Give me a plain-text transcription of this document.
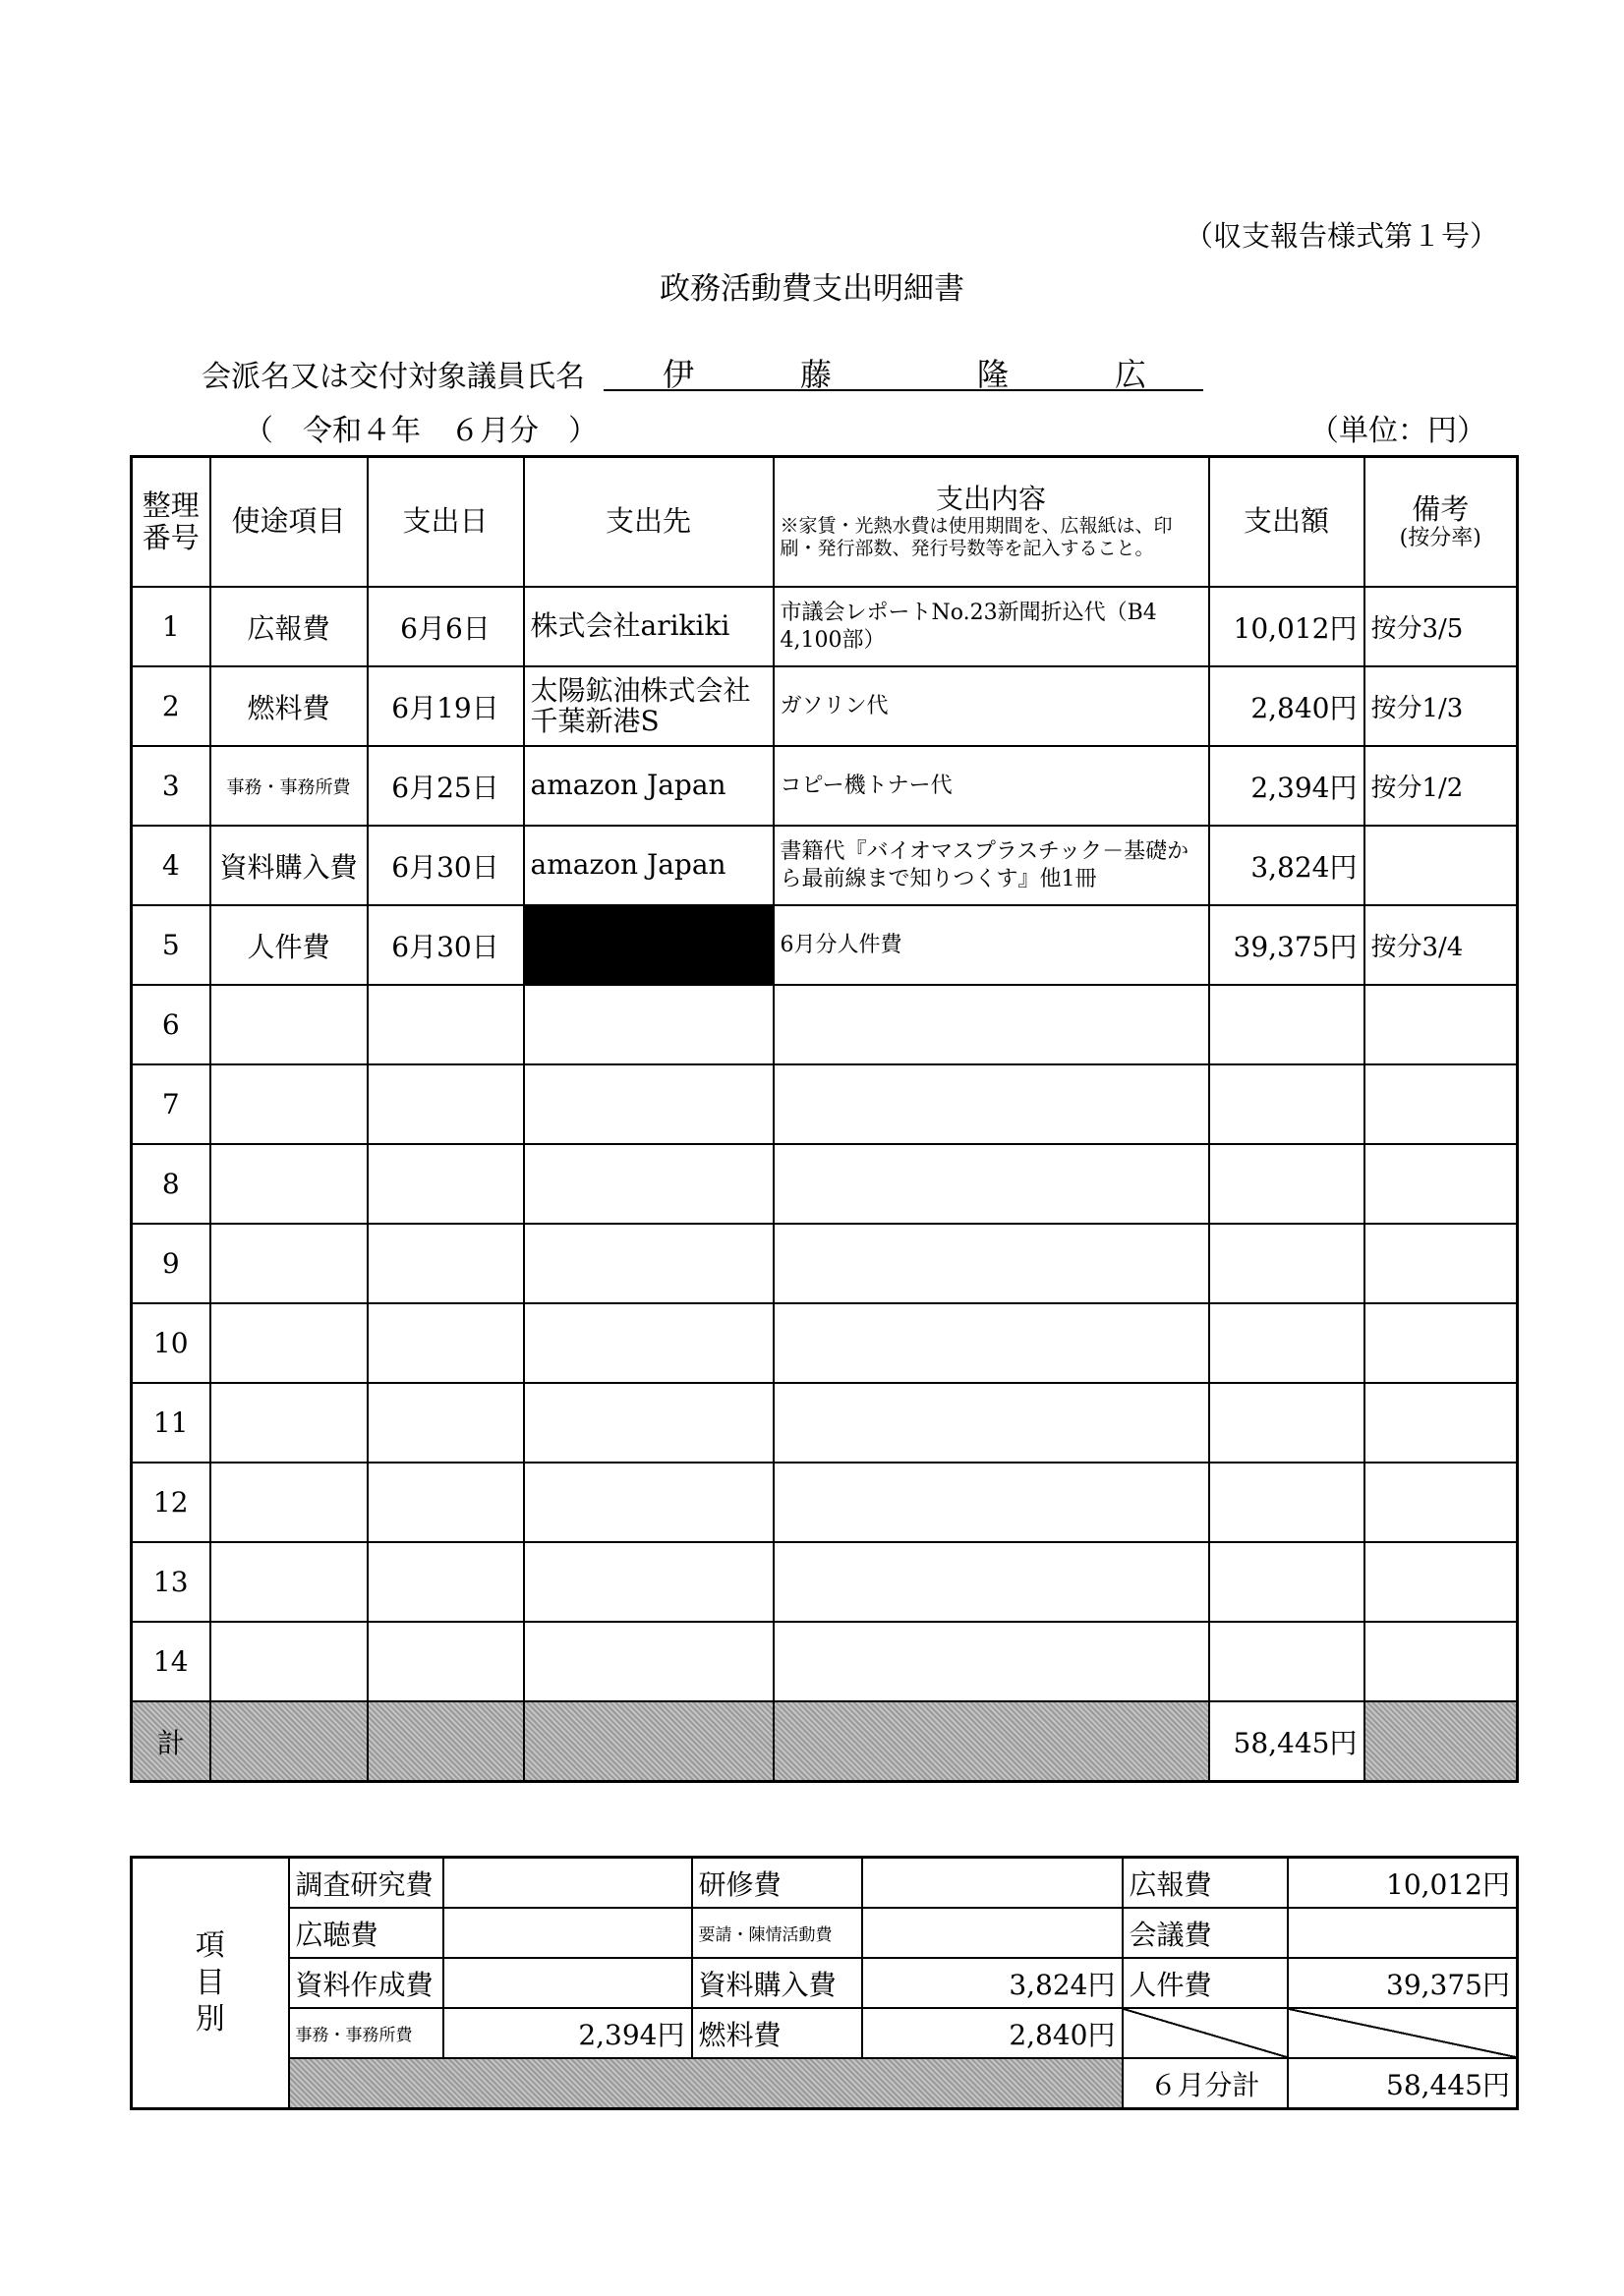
（収支報告様式第１号）
政務活動費支出明細書
会派名又は交付対象議員氏名 伊	藤	隆	広
（　令和４年　６月分　）	（単位：円）
整理番号	使途項目	支出日	支出先	支出内容
※家賃・光熱水費は使用期間を、広報紙は、印刷・発行部数、発行号数等を記入すること。	支出額	備考
(按分率)

1	広報費	6月6日	株式会社arikiki	市議会レポートNo.23新聞折込代（B4　4,100部）	10,012円	按分3/5
2	燃料費	6月19日	太陽鉱油株式会社千葉新港S	ガソリン代	2,840円	按分1/3
3	事務・事務所費	6月25日	amazon Japan	コピー機トナー代	2,394円	按分1/2
4	資料購入費	6月30日	amazon Japan	書籍代『バイオマスプラスチック－基礎から最前線まで知りつくす』他1冊	3,824円	
5	人件費	6月30日		6月分人件費	39,375円	按分3/4
6						
7						
8						
9						
10						
11						
12						
13						
14						
計					58,445円	
項
目
別	調査研究費		研修費		広報費	10,012円
	広聴費		要請・陳情活動費		会議費	
	資料作成費		資料購入費	3,824円	人件費	39,375円
	事務・事務所費	2,394円	燃料費	2,840円		
					６月分計	58,445円
